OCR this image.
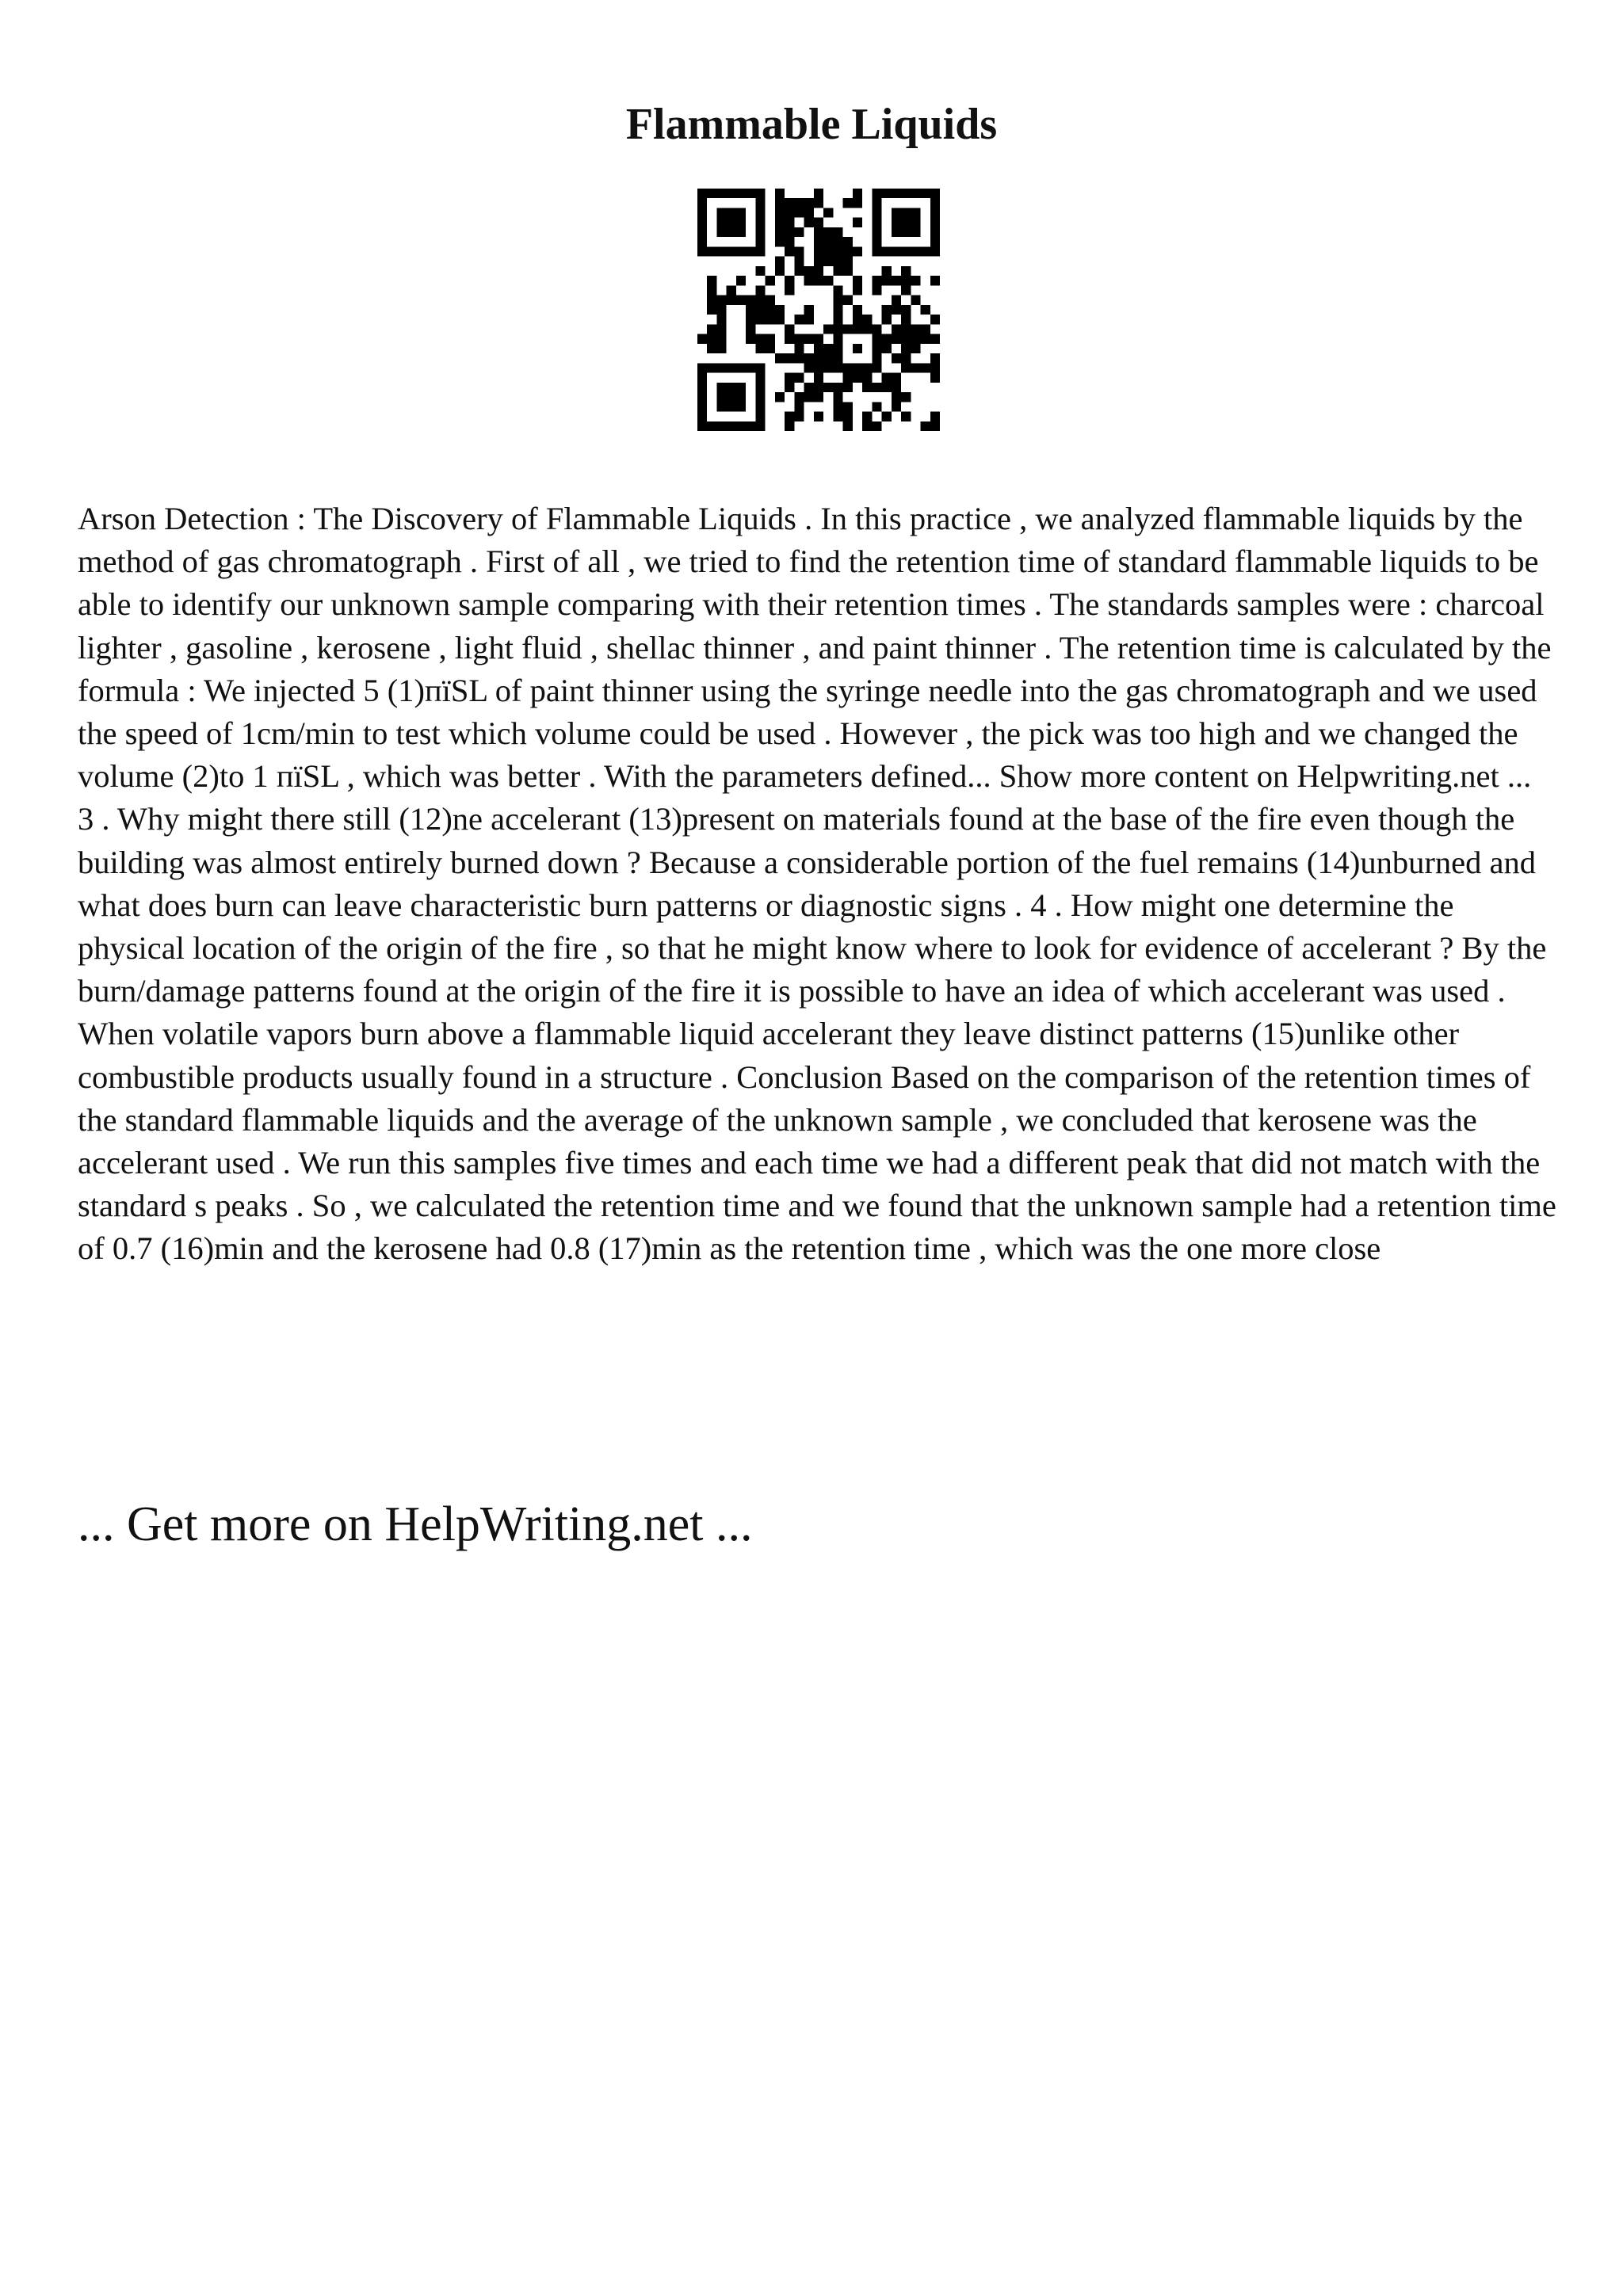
Flammable Liquids

Arson Detection : The Discovery of Flammable Liquids . In this practice , we analyzed flammable liquids by the method of gas chromatograph . First of all , we tried to find the retention time of standard flammable liquids to be able to identify our unknown sample comparing with their retention times . The standards samples were : charcoal lighter , gasoline , kerosene , light fluid , shellac thinner , and paint thinner . The retention time is calculated by the formula : We injected 5 (1)пїSL of paint thinner using the syringe needle into the gas chromatograph and we used the speed of 1cm/min to test which volume could be used . However , the pick was too high and we changed the volume (2)to 1 пїSL , which was better . With the parameters defined... Show more content on Helpwriting.net ...

3 . Why might there still (12)ne accelerant (13)present on materials found at the base of the fire even though the building was almost entirely burned down ? Because a considerable portion of the fuel remains (14)unburned and what does burn can leave characteristic burn patterns or diagnostic signs . 4 . How might one determine the physical location of the origin of the fire , so that he might know where to look for evidence of accelerant ? By the burn/damage patterns found at the origin of the fire it is possible to have an idea of which accelerant was used . When volatile vapors burn above a flammable liquid accelerant they leave distinct patterns (15)unlike other combustible products usually found in a structure . Conclusion Based on the comparison of the retention times of the standard flammable liquids and the average of the unknown sample , we concluded that kerosene was the accelerant used . We run this samples five times and each time we had a different peak that did not match with the standard s peaks . So , we calculated the retention time and we found that the unknown sample had a retention time of 0.7 (16)min and the kerosene had 0.8 (17)min as the retention time , which was the one more close

... Get more on HelpWriting.net ...
